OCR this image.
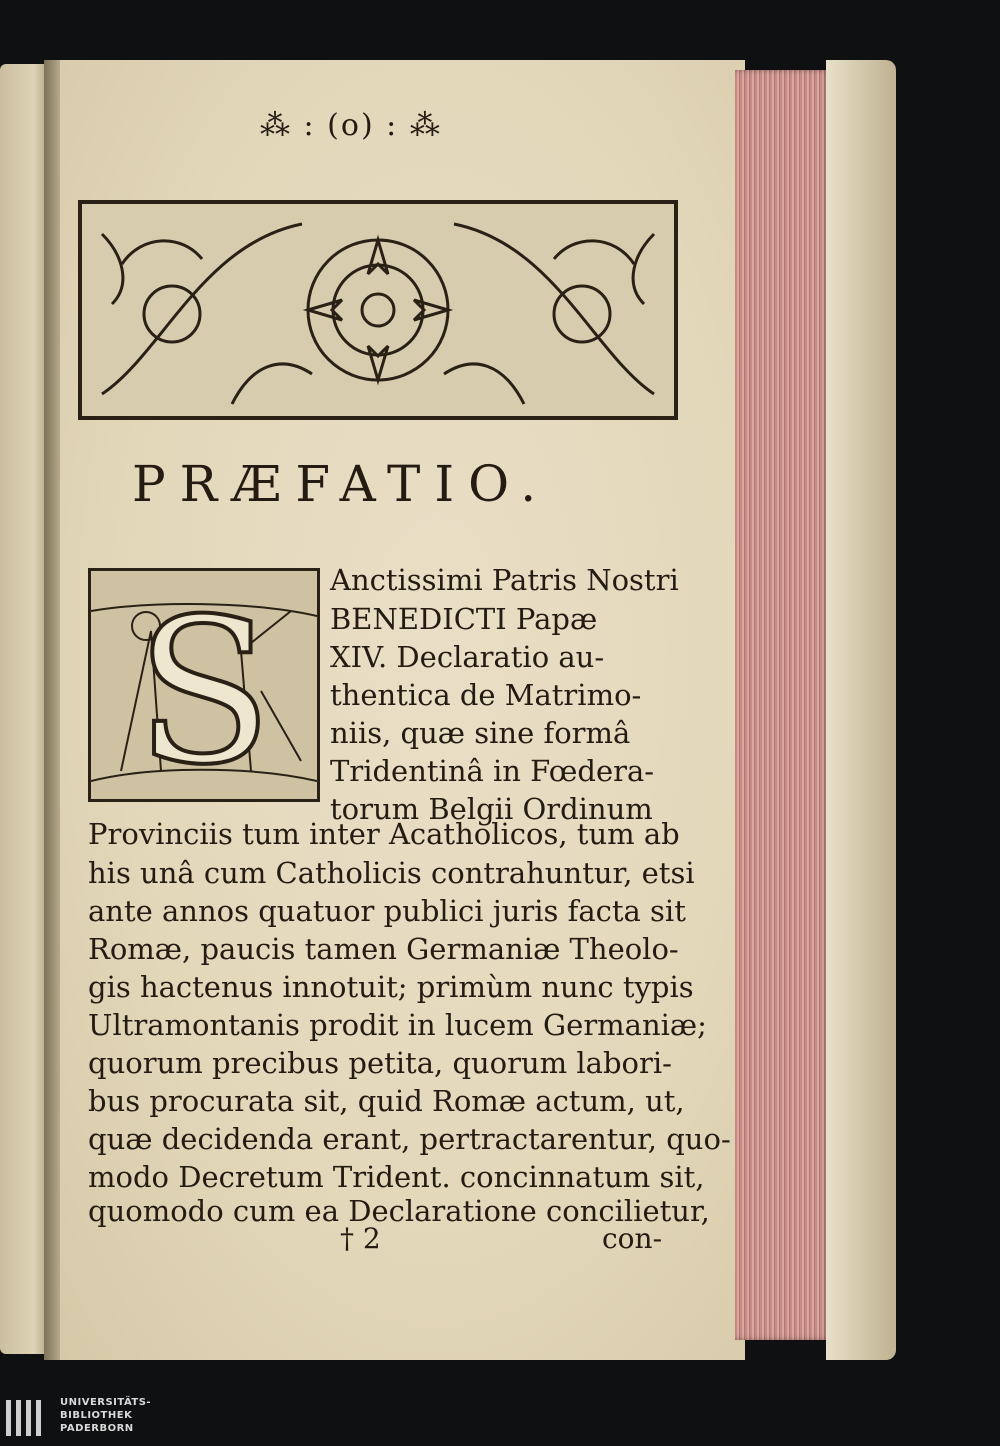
⁂ : (o) : ⁂
PRÆFATIO.
S Anctissimi Patris Nostri
BENEDICTI Papæ
XIV. Declaratio au-
thentica de Matrimo-
niis, quæ sine formâ
Tridentinâ in Fœdera-
torum Belgii Ordinum
Provinciis tum inter Acatholicos, tum ab
his unâ cum Catholicis contrahuntur, etsi
ante annos quatuor publici juris facta sit
Romæ, paucis tamen Germaniæ Theolo-
gis hactenus innotuit; primùm nunc typis
Ultramontanis prodit in lucem Germaniæ;
quorum precibus petita, quorum labori-
bus procurata sit, quid Romæ actum, ut,
quæ decidenda erant, pertractarentur, quo-
modo Decretum Trident. concinnatum sit,
quomodo cum ea Declaratione concilietur,
† 2	con-
UNIVERSITÄTS-
BIBLIOTHEK
PADERBORN
